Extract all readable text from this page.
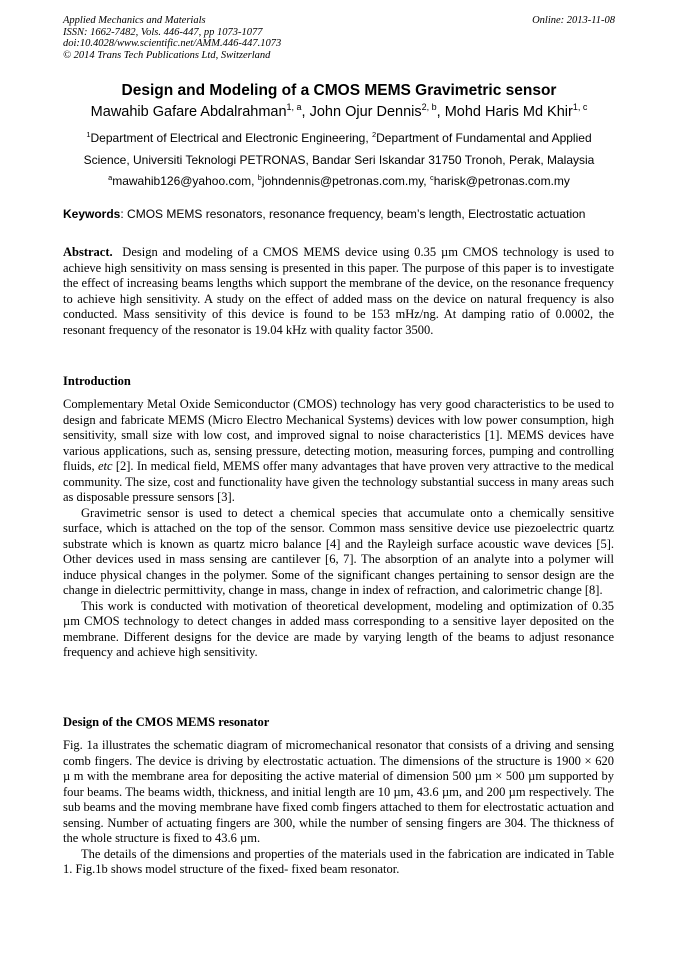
Applied Mechanics and Materials
ISSN: 1662-7482, Vols. 446-447, pp 1073-1077
doi:10.4028/www.scientific.net/AMM.446-447.1073
© 2014 Trans Tech Publications Ltd, Switzerland
Online: 2013-11-08
Design and Modeling of a CMOS MEMS Gravimetric sensor
Mawahib Gafare Abdalrahman$^{1, a}$, John Ojur Dennis$^{2, b}$, Mohd Haris Md Khir$^{1, c}$
$^1$Department of Electrical and Electronic Engineering, $^2$Department of Fundamental and Applied
Science, Universiti Teknologi PETRONAS, Bandar Seri Iskandar 31750 Tronoh, Perak, Malaysia
$^a$mawahib126@yahoo.com, $^b$johndennis@petronas.com.my, $^c$harisk@petronas.com.my
Keywords: CMOS MEMS resonators, resonance frequency, beam’s length, Electrostatic actuation

Abstract. Design and modeling of a CMOS MEMS device using 0.35 µm CMOS technology is used to achieve high sensitivity on mass sensing is presented in this paper. The purpose of this paper is to investigate the effect of increasing beams lengths which support the membrane of the device, on the resonance frequency to achieve high sensitivity. A study on the effect of added mass on the device on natural frequency is also conducted. Mass sensitivity of this device is found to be 153 mHz/ng. At damping ratio of 0.0002, the resonant frequency of the resonator is 19.04 kHz with quality factor 3500.

Introduction

Complementary Metal Oxide Semiconductor (CMOS) technology has very good characteristics to be used to design and fabricate MEMS (Micro Electro Mechanical Systems) devices with low power consumption, high sensitivity, small size with low cost, and improved signal to noise characteristics [1]. MEMS devices have various applications, such as, sensing pressure, detecting motion, measuring forces, pumping and controlling fluids, etc [2]. In medical field, MEMS offer many advantages that have proven very attractive to the medical community. The size, cost and functionality have given the technology substantial success in many areas such as disposable pressure sensors [3].

Gravimetric sensor is used to detect a chemical species that accumulate onto a chemically sensitive surface, which is attached on the top of the sensor. Common mass sensitive device use piezoelectric quartz substrate which is known as quartz micro balance [4] and the Rayleigh surface acoustic wave devices [5]. Other devices used in mass sensing are cantilever [6, 7]. The absorption of an analyte into a polymer will induce physical changes in the polymer. Some of the significant changes pertaining to sensor design are the change in dielectric permittivity, change in mass, change in index of refraction, and calorimetric change [8].

This work is conducted with motivation of theoretical development, modeling and optimization of 0.35 µm CMOS technology to detect changes in added mass corresponding to a sensitive layer deposited on the membrane. Different designs for the device are made by varying length of the beams to adjust resonance frequency and achieve high sensitivity.

Design of the CMOS MEMS resonator

Fig. 1a illustrates the schematic diagram of micromechanical resonator that consists of a driving and sensing comb fingers. The device is driving by electrostatic actuation. The dimensions of the structure is 1900 × 620 µ m with the membrane area for depositing the active material of dimension 500 µm × 500 µm supported by four beams. The beams width, thickness, and initial length are 10 µm, 43.6 µm, and 200 µm respectively. The sub beams and the moving membrane have fixed comb fingers attached to them for electrostatic actuation and sensing. Number of actuating fingers are 300, while the number of sensing fingers are 304. The thickness of the whole structure is fixed to 43.6 µm.

The details of the dimensions and properties of the materials used in the fabrication are indicated in Table 1. Fig.1b shows model structure of the fixed- fixed beam resonator.
